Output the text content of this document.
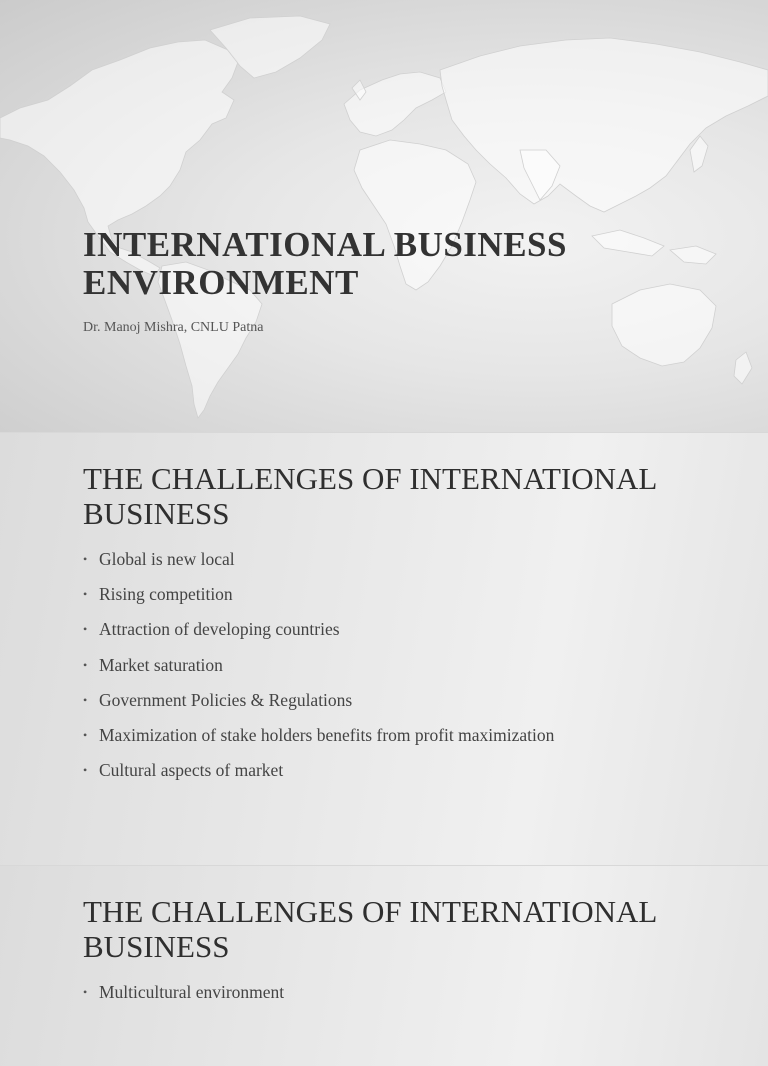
INTERNATIONAL BUSINESS
ENVIRONMENT

Dr. Manoj Mishra, CNLU Patna

THE CHALLENGES OF INTERNATIONAL
BUSINESS
• Global is new local
• Rising competition
• Attraction of developing countries
• Market saturation
• Government Policies & Regulations
• Maximization of stake holders benefits from profit maximization
• Cultural aspects of market
THE CHALLENGES OF INTERNATIONAL
BUSINESS
• Multicultural environment
